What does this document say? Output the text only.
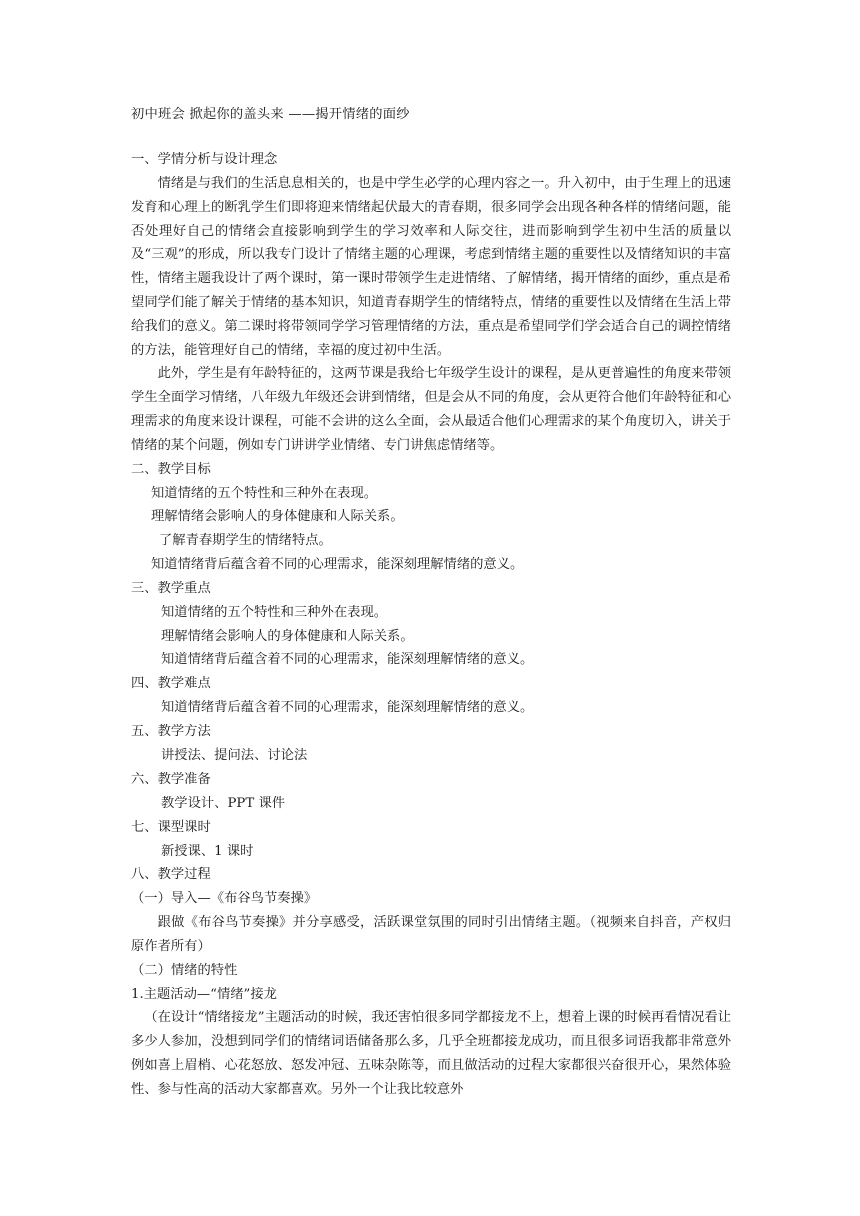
初中班会 掀起你的盖头来 ——揭开情绪的面纱

一、学情分析与设计理念

情绪是与我们的生活息息相关的，也是中学生必学的心理内容之一。升入初中，由于生理上的迅速发育和心理上的断乳学生们即将迎来情绪起伏最大的青春期，很多同学会出现各种各样的情绪问题，能否处理好自己的情绪会直接影响到学生的学习效率和人际交往，进而影响到学生初中生活的质量以及“三观”的形成，所以我专门设计了情绪主题的心理课，考虑到情绪主题的重要性以及情绪知识的丰富性，情绪主题我设计了两个课时，第一课时带领学生走进情绪、了解情绪，揭开情绪的面纱，重点是希望同学们能了解关于情绪的基本知识，知道青春期学生的情绪特点，情绪的重要性以及情绪在生活上带给我们的意义。第二课时将带领同学学习管理情绪的方法，重点是希望同学们学会适合自己的调控情绪的方法，能管理好自己的情绪，幸福的度过初中生活。

此外，学生是有年龄特征的，这两节课是我给七年级学生设计的课程，是从更普遍性的角度来带领学生全面学习情绪，八年级九年级还会讲到情绪，但是会从不同的角度，会从更符合他们年龄特征和心理需求的角度来设计课程，可能不会讲的这么全面，会从最适合他们心理需求的某个角度切入，讲关于情绪的某个问题，例如专门讲讲学业情绪、专门讲焦虑情绪等。

二、教学目标

知道情绪的五个特性和三种外在表现。

理解情绪会影响人的身体健康和人际关系。

了解青春期学生的情绪特点。

知道情绪背后蕴含着不同的心理需求，能深刻理解情绪的意义。

三、教学重点

知道情绪的五个特性和三种外在表现。

理解情绪会影响人的身体健康和人际关系。

知道情绪背后蕴含着不同的心理需求，能深刻理解情绪的意义。

四、教学难点

知道情绪背后蕴含着不同的心理需求，能深刻理解情绪的意义。

五、教学方法

讲授法、提问法、讨论法

六、教学准备

教学设计、PPT 课件

七、课型课时

新授课、1 课时

八、教学过程

（一）导入—《布谷鸟节奏操》

跟做《布谷鸟节奏操》并分享感受，活跃课堂氛围的同时引出情绪主题。（视频来自抖音，产权归原作者所有）

（二）情绪的特性

1.主题活动—“情绪”接龙

（在设计“情绪接龙”主题活动的时候，我还害怕很多同学都接龙不上，想着上课的时候再看情况看让多少人参加，没想到同学们的情绪词语储备那么多，几乎全班都接龙成功，而且很多词语我都非常意外例如喜上眉梢、心花怒放、怒发冲冠、五味杂陈等，而且做活动的过程大家都很兴奋很开心，果然体验性、参与性高的活动大家都喜欢。另外一个让我比较意外
